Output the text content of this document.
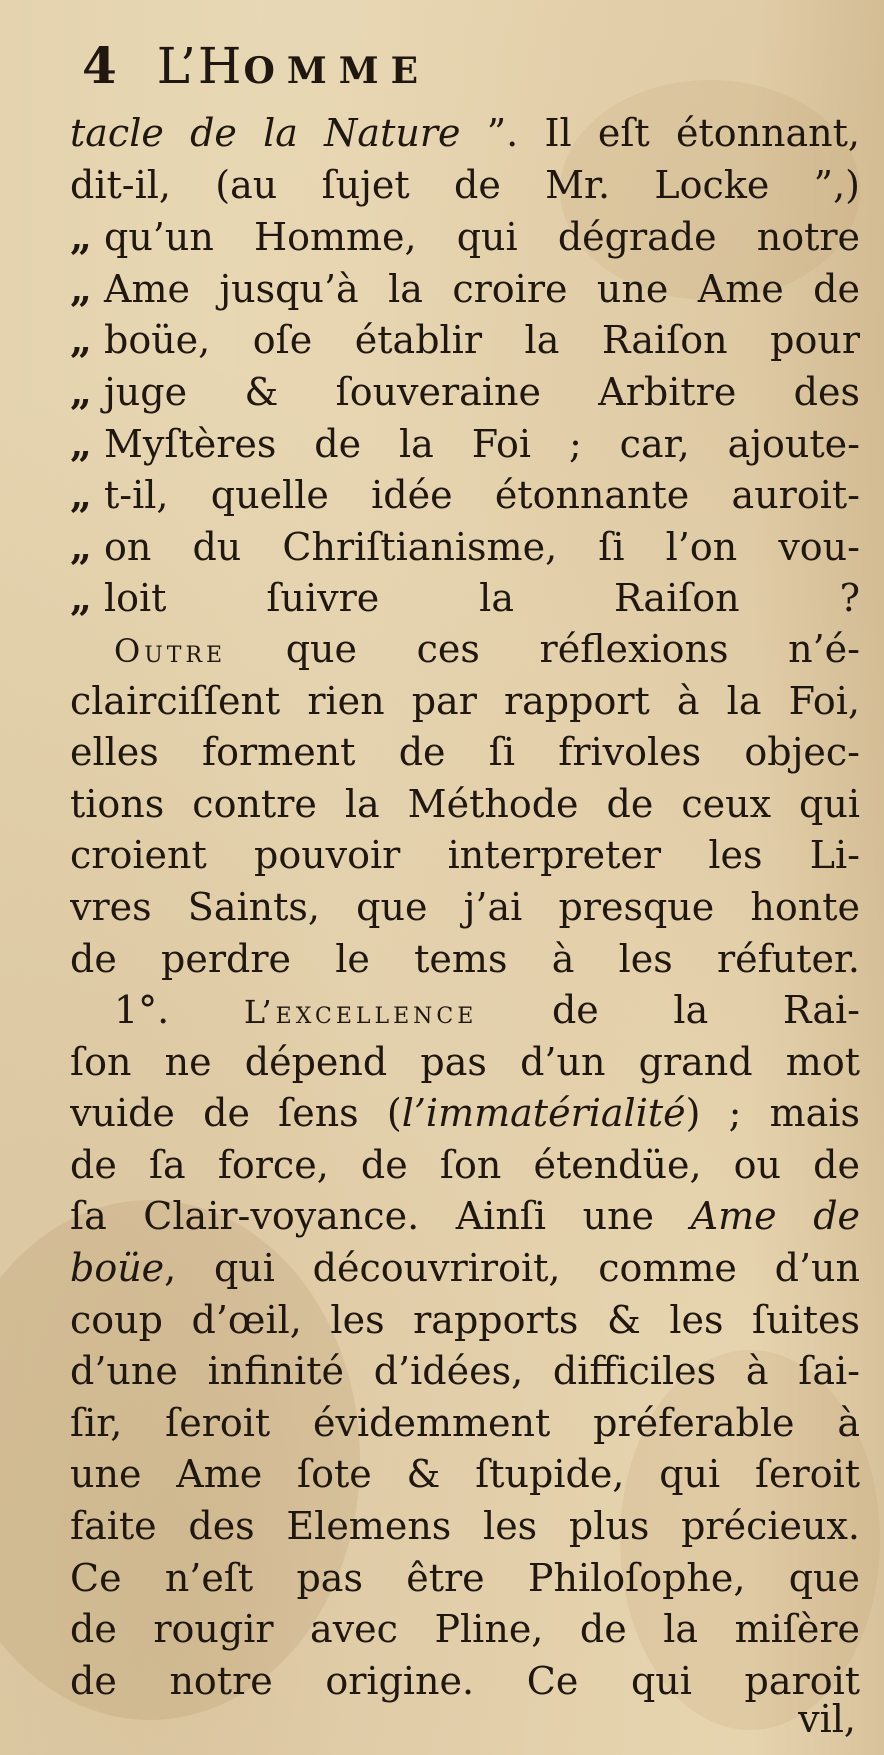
4 L’HOMME
tacle de la Nature ”. Il eſt étonnant,
dit-il, (au ſujet de Mr. Locke ”,)
„qu’un Homme, qui dégrade notre
„Ame jusqu’à la croire une Ame de
„boüe, oſe établir la Raiſon pour
„juge & ſouveraine Arbitre des
„Myſtères de la Foi ; car, ajoute-
„t-il, quelle idée étonnante auroit-
„on du Chriſtianisme, ſi l’on vou-
„loit ſuivre la Raiſon ?
Outre que ces réflexions n’é-
clairciſſent rien par rapport à la Foi,
elles forment de ſi frivoles objec-
tions contre la Méthode de ceux qui
croient pouvoir interpreter les Li-
vres Saints, que j’ai presque honte
de perdre le tems à les réfuter.
1°. L’excellence de la Rai-
ſon ne dépend pas d’un grand mot
vuide de ſens (l’immatérialité) ; mais
de ſa force, de ſon étendüe, ou de
ſa Clair-voyance. Ainſi une Ame de
boüe, qui découvriroit, comme d’un
coup d’œil, les rapports & les ſuites
d’une infinité d’idées, difficiles à ſai-
ſir, ſeroit évidemment préferable à
une Ame ſote & ſtupide, qui ſeroit
faite des Elemens les plus précieux.
Ce n’eſt pas être Philoſophe, que
de rougir avec Pline, de la miſère
de notre origine. Ce qui paroit
vil,
